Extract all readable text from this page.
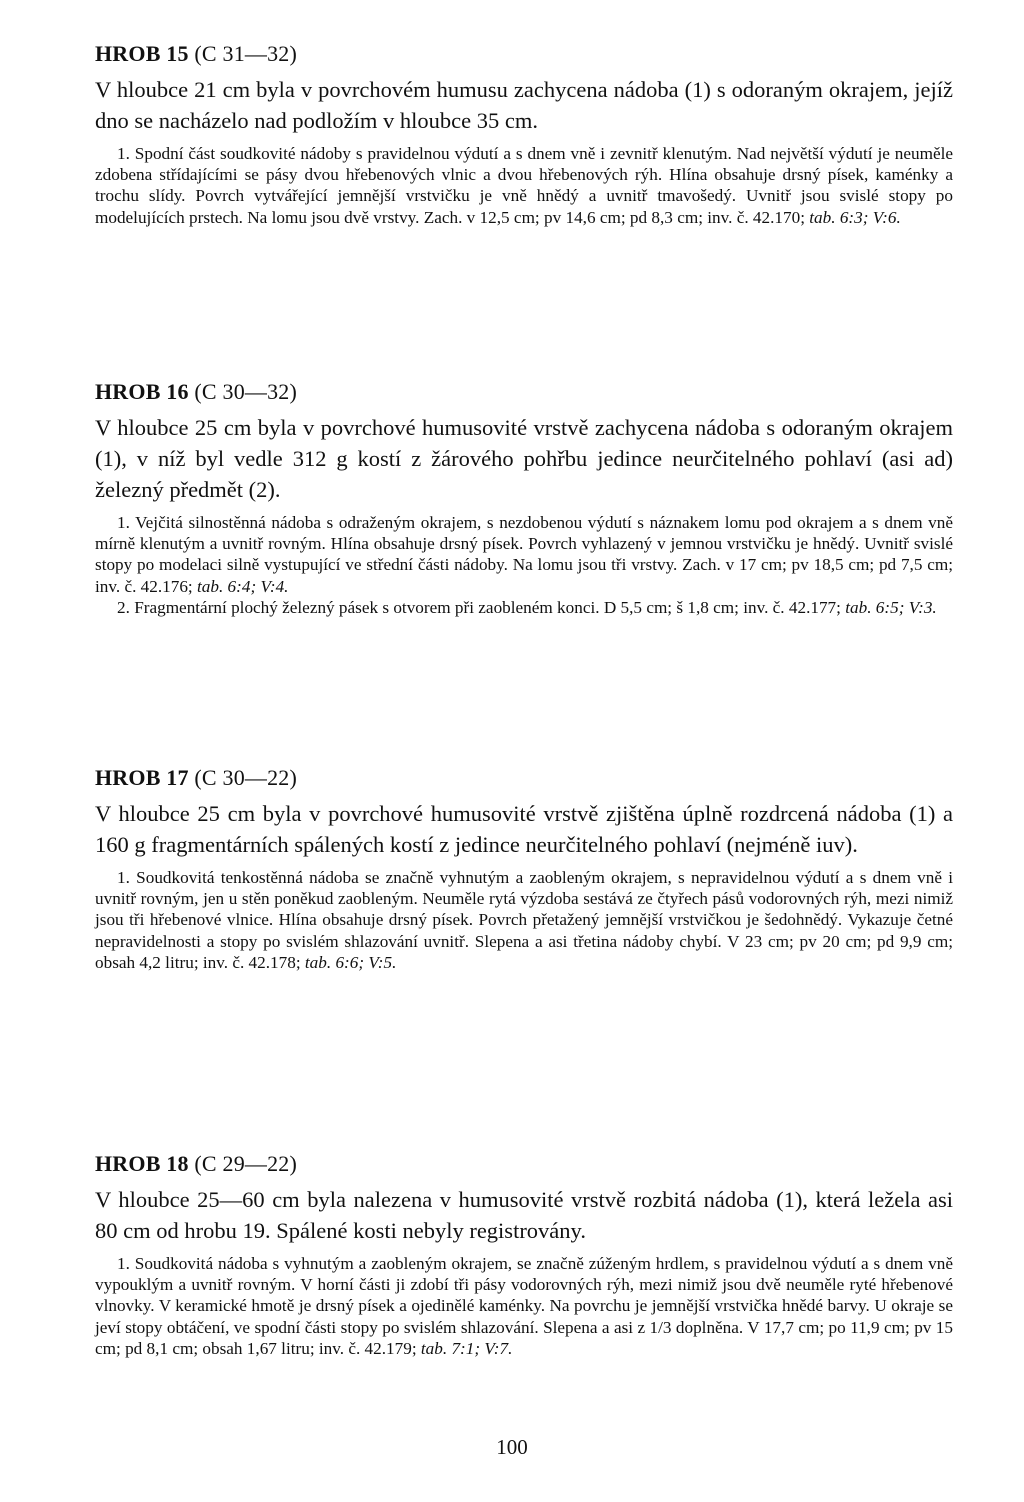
HROB 15 (C 31—32)

V hloubce 21 cm byla v povrchovém humusu zachycena nádoba (1) s odoraným okrajem, jejíž dno se nacházelo nad podložím v hloubce 35 cm.

1. Spodní část soudkovité nádoby s pravidelnou výdutí a s dnem vně i zevnitř klenutým. Nad největší výdutí je neuměle zdobena střídajícími se pásy dvou hřebenových vlnic a dvou hřebenových rýh. Hlína obsahuje drsný písek, kaménky a trochu slídy. Povrch vytvářející jemnější vrstvičku je vně hnědý a uvnitř tmavošedý. Uvnitř jsou svislé stopy po modelujících prstech. Na lomu jsou dvě vrstvy. Zach. v 12,5 cm; pv 14,6 cm; pd 8,3 cm; inv. č. 42.170; tab. 6:3; V:6.

HROB 16 (C 30—32)

V hloubce 25 cm byla v povrchové humusovité vrstvě zachycena nádoba s odoraným okrajem (1), v níž byl vedle 312 g kostí z žárového pohřbu jedince neurčitelného pohlaví (asi ad) železný předmět (2).

1. Vejčitá silnostěnná nádoba s odraženým okrajem, s nezdobenou výdutí s náznakem lomu pod okrajem a s dnem vně mírně klenutým a uvnitř rovným. Hlína obsahuje drsný písek. Povrch vyhlazený v jemnou vrstvičku je hnědý. Uvnitř svislé stopy po modelaci silně vystupující ve střední části nádoby. Na lomu jsou tři vrstvy. Zach. v 17 cm; pv 18,5 cm; pd 7,5 cm; inv. č. 42.176; tab. 6:4; V:4.

2. Fragmentární plochý železný pásek s otvorem při zaobleném konci. D 5,5 cm; š 1,8 cm; inv. č. 42.177; tab. 6:5; V:3.

HROB 17 (C 30—22)

V hloubce 25 cm byla v povrchové humusovité vrstvě zjištěna úplně rozdrcená nádoba (1) a 160 g fragmentárních spálených kostí z jedince neurčitelného pohlaví (nejméně iuv).

1. Soudkovitá tenkostěnná nádoba se značně vyhnutým a zaobleným okrajem, s nepravidelnou výdutí a s dnem vně i uvnitř rovným, jen u stěn poněkud zaobleným. Neuměle rytá výzdoba sestává ze čtyřech pásů vodorovných rýh, mezi nimiž jsou tři hřebenové vlnice. Hlína obsahuje drsný písek. Povrch přetažený jemnější vrstvičkou je šedohnědý. Vykazuje četné nepravidelnosti a stopy po svislém shlazování uvnitř. Slepena a asi třetina nádoby chybí. V 23 cm; pv 20 cm; pd 9,9 cm; obsah 4,2 litru; inv. č. 42.178; tab. 6:6; V:5.

HROB 18 (C 29—22)

V hloubce 25—60 cm byla nalezena v humusovité vrstvě rozbitá nádoba (1), která ležela asi 80 cm od hrobu 19. Spálené kosti nebyly registrovány.

1. Soudkovitá nádoba s vyhnutým a zaobleným okrajem, se značně zúženým hrdlem, s pravidelnou výdutí a s dnem vně vypouklým a uvnitř rovným. V horní části ji zdobí tři pásy vodorovných rýh, mezi nimiž jsou dvě neuměle ryté hřebenové vlnovky. V keramické hmotě je drsný písek a ojedinělé kaménky. Na povrchu je jemnější vrstvička hnědé barvy. U okraje se jeví stopy obtáčení, ve spodní části stopy po svislém shlazování. Slepena a asi z 1/3 doplněna. V 17,7 cm; po 11,9 cm; pv 15 cm; pd 8,1 cm; obsah 1,67 litru; inv. č. 42.179; tab. 7:1; V:7.

100
